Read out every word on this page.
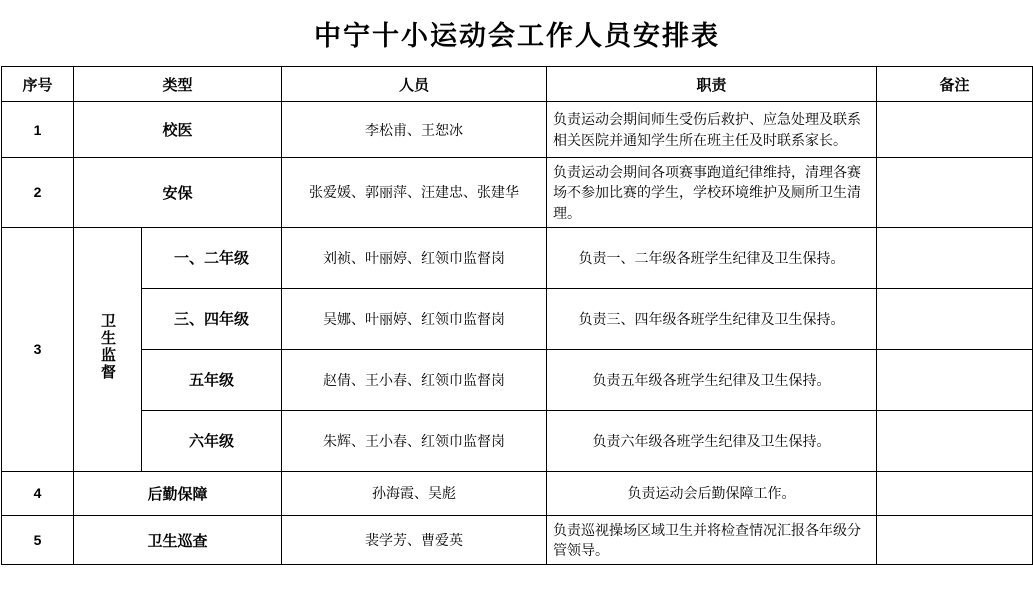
中宁十小运动会工作人员安排表					
序号	类型		人员	职责	备注
1	校医		李松甫、王恕冰	负责运动会期间师生受伤后救护、应急处理及联系相关医院并通知学生所在班主任及时联系家长。	
2	安保		张爱媛、郭丽萍、汪建忠、张建华	负责运动会期间各项赛事跑道纪律维持，清理各赛场不参加比赛的学生，学校环境维护及厕所卫生清理。	
3	卫生监督	一、二年级	刘祯、叶丽婷、红领巾监督岗	负责一、二年级各班学生纪律及卫生保持。	
		三、四年级	吴娜、叶丽婷、红领巾监督岗	负责三、四年级各班学生纪律及卫生保持。	
		五年级	赵倩、王小春、红领巾监督岗	负责五年级各班学生纪律及卫生保持。	
		六年级	朱辉、王小春、红领巾监督岗	负责六年级各班学生纪律及卫生保持。	
4	后勤保障		孙海霞、吴彪	负责运动会后勤保障工作。	
5	卫生巡查		裴学芳、曹爱英	负责巡视操场区域卫生并将检查情况汇报各年级分管领导。	
